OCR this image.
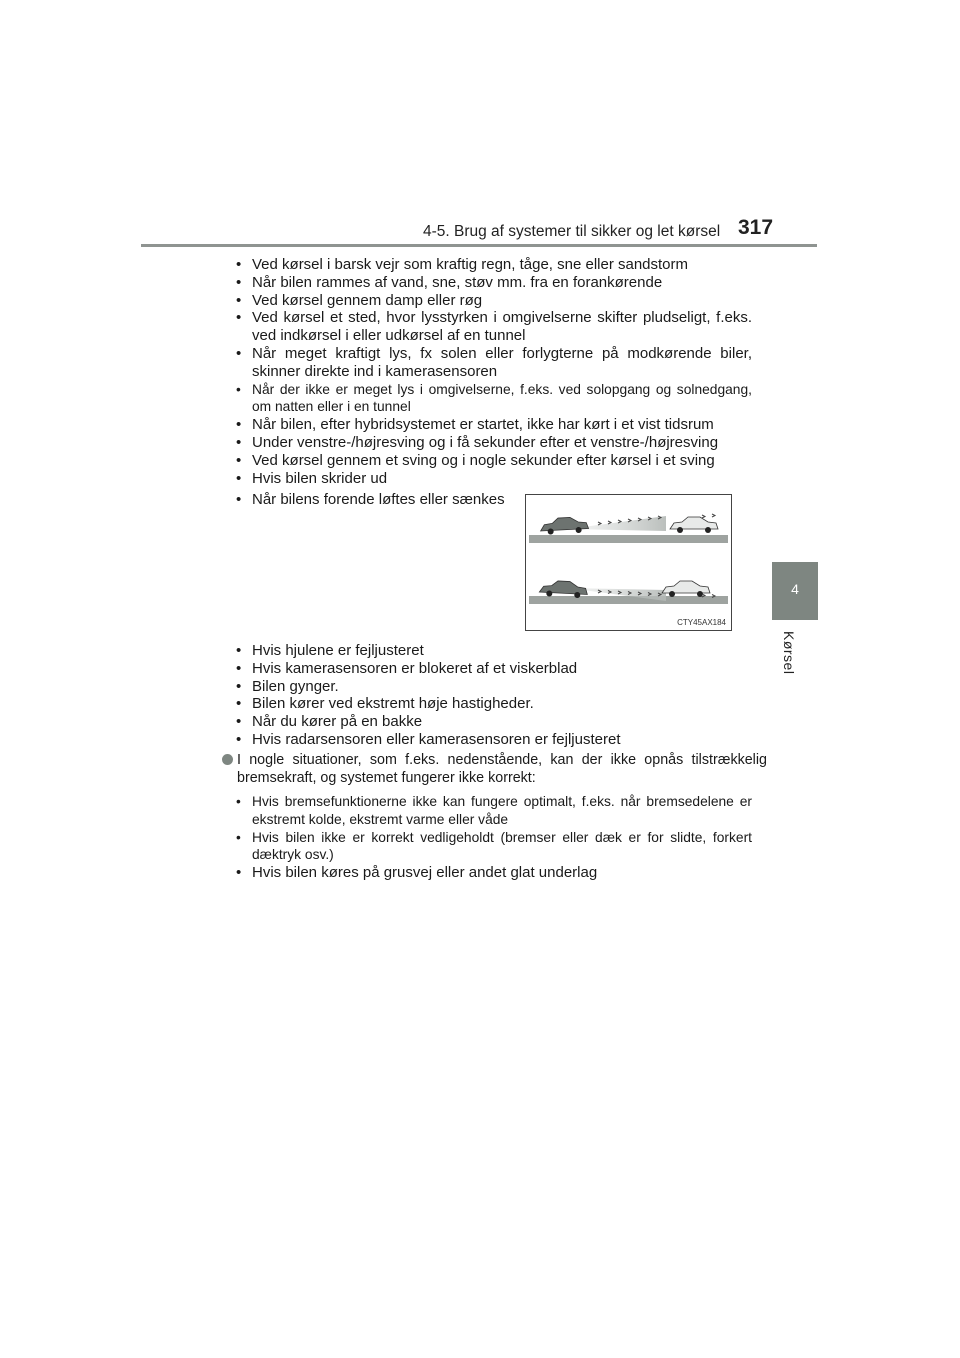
4-5. Brug af systemer til sikker og let kørsel 317
4
Kørsel
• Ved kørsel i barsk vejr som kraftig regn, tåge, sne eller sandstorm
• Når bilen rammes af vand, sne, støv mm. fra en forankørende
• Ved kørsel gennem damp eller røg
• Ved kørsel et sted, hvor lysstyrken i omgivelserne skifter pludseligt, f.eks. ved indkørsel i eller udkørsel af en tunnel
• Når meget kraftigt lys, fx solen eller forlygterne på modkørende biler, skinner direkte ind i kamerasensoren
• Når der ikke er meget lys i omgivelserne, f.eks. ved solopgang og solnedgang, om natten eller i en tunnel
• Når bilen, efter hybridsystemet er startet, ikke har kørt i et vist tidsrum
• Under venstre-/højresving og i få sekunder efter et venstre-/højresving
• Ved kørsel gennem et sving og i nogle sekunder efter kørsel i et sving
• Hvis bilen skrider ud
• Når bilens forende løftes eller sænkes
CTY45AX184
• Hvis hjulene er fejljusteret
• Hvis kamerasensoren er blokeret af et viskerblad
• Bilen gynger.
• Bilen kører ved ekstremt høje hastigheder.
• Når du kører på en bakke
• Hvis radarsensoren eller kamerasensoren er fejljusteret
I nogle situationer, som f.eks. nedenstående, kan der ikke opnås tilstrækkelig bremsekraft, og systemet fungerer ikke korrekt:
• Hvis bremsefunktionerne ikke kan fungere optimalt, f.eks. når bremsedelene er ekstremt kolde, ekstremt varme eller våde
• Hvis bilen ikke er korrekt vedligeholdt (bremser eller dæk er for slidte, forkert dæktryk osv.)
• Hvis bilen køres på grusvej eller andet glat underlag
